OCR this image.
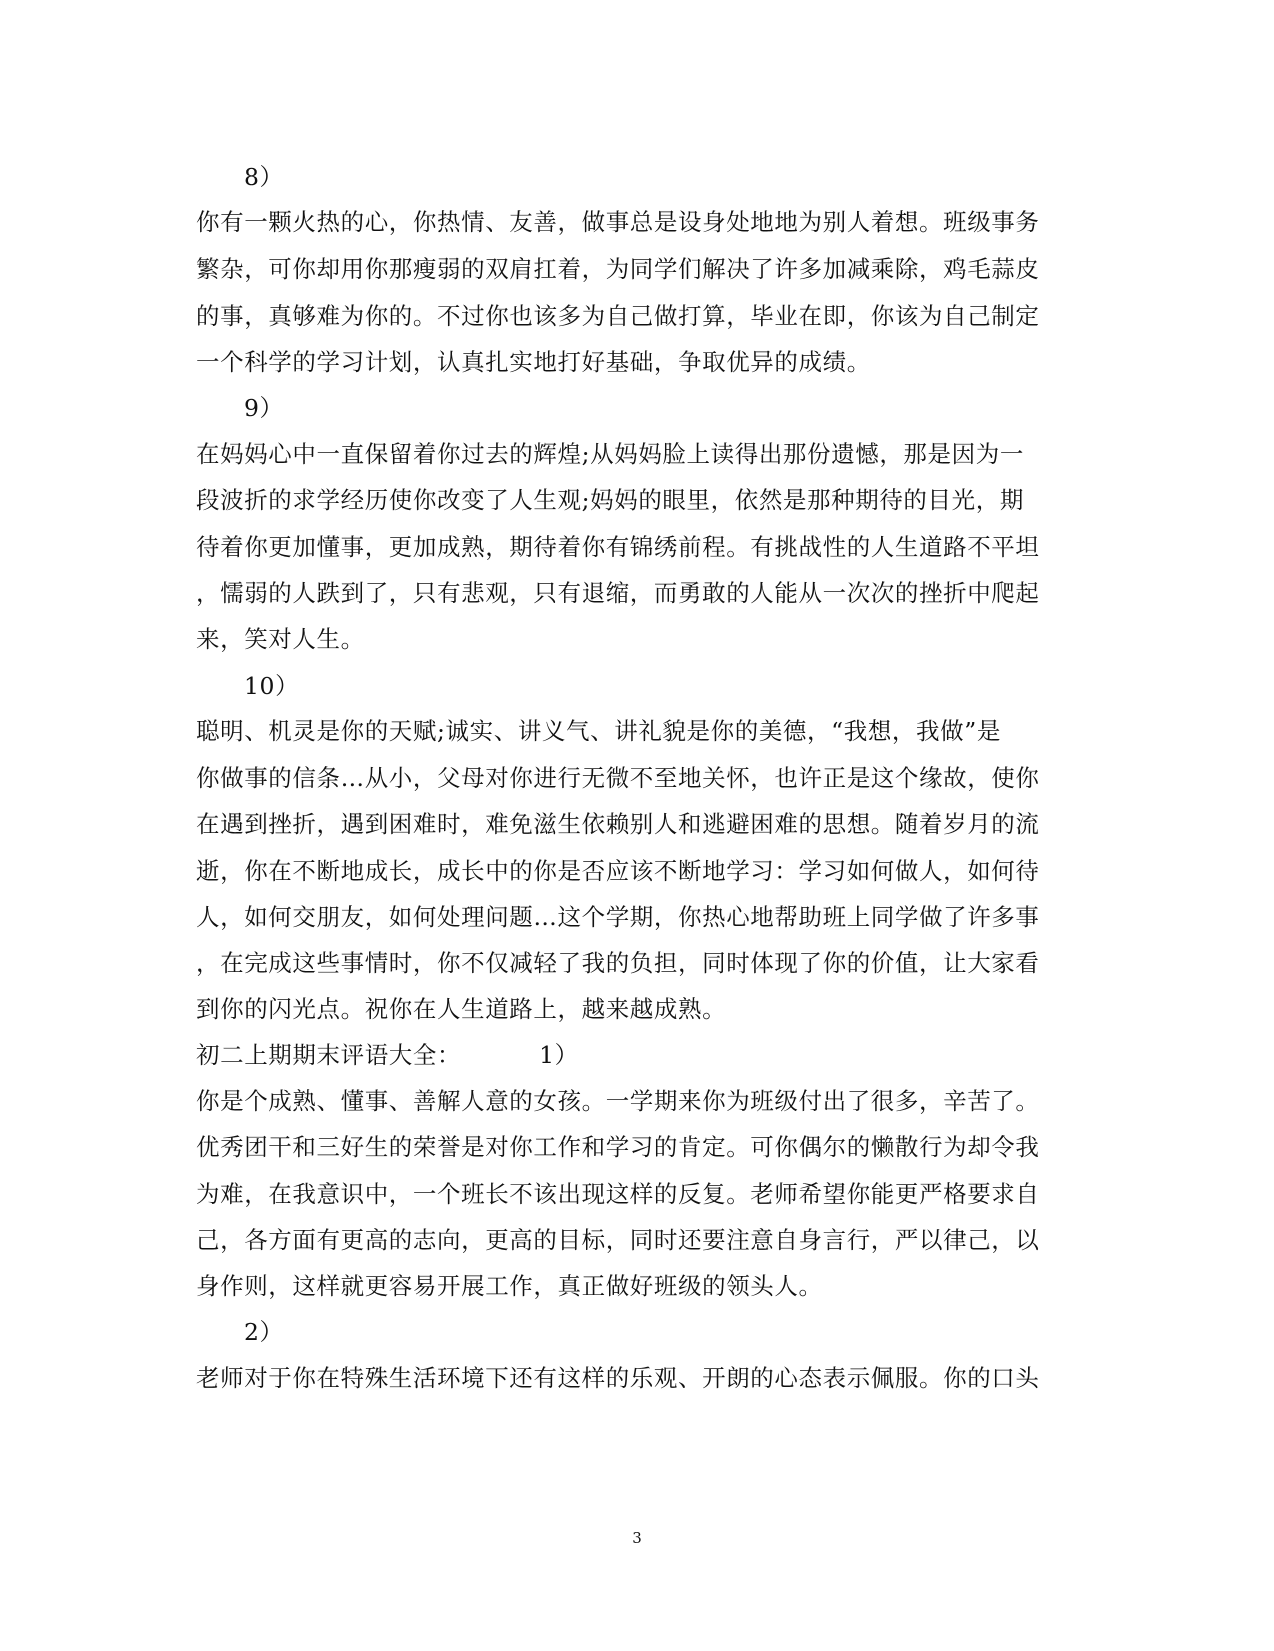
8）
你有一颗火热的心，你热情、友善，做事总是设身处地地为别人着想。班级事务
繁杂，可你却用你那瘦弱的双肩扛着，为同学们解决了许多加减乘除，鸡毛蒜皮
的事，真够难为你的。不过你也该多为自己做打算，毕业在即，你该为自己制定
一个科学的学习计划，认真扎实地打好基础，争取优异的成绩。
9）
在妈妈心中一直保留着你过去的辉煌;从妈妈脸上读得出那份遗憾，那是因为一
段波折的求学经历使你改变了人生观;妈妈的眼里，依然是那种期待的目光，期
待着你更加懂事，更加成熟，期待着你有锦绣前程。有挑战性的人生道路不平坦
，懦弱的人跌到了，只有悲观，只有退缩，而勇敢的人能从一次次的挫折中爬起
来，笑对人生。
10）
聪明、机灵是你的天赋;诚实、讲义气、讲礼貌是你的美德，“我想，我做”是
你做事的信条…从小，父母对你进行无微不至地关怀，也许正是这个缘故，使你
在遇到挫折，遇到困难时，难免滋生依赖别人和逃避困难的思想。随着岁月的流
逝，你在不断地成长，成长中的你是否应该不断地学习：学习如何做人，如何待
人，如何交朋友，如何处理问题…这个学期，你热心地帮助班上同学做了许多事
，在完成这些事情时，你不仅减轻了我的负担，同时体现了你的价值，让大家看
到你的闪光点。祝你在人生道路上，越来越成熟。
初二上期期末评语大全：	1）
你是个成熟、懂事、善解人意的女孩。一学期来你为班级付出了很多，辛苦了。
优秀团干和三好生的荣誉是对你工作和学习的肯定。可你偶尔的懒散行为却令我
为难，在我意识中，一个班长不该出现这样的反复。老师希望你能更严格要求自
己，各方面有更高的志向，更高的目标，同时还要注意自身言行，严以律己，以
身作则，这样就更容易开展工作，真正做好班级的领头人。
2）
老师对于你在特殊生活环境下还有这样的乐观、开朗的心态表示佩服。你的口头
3
